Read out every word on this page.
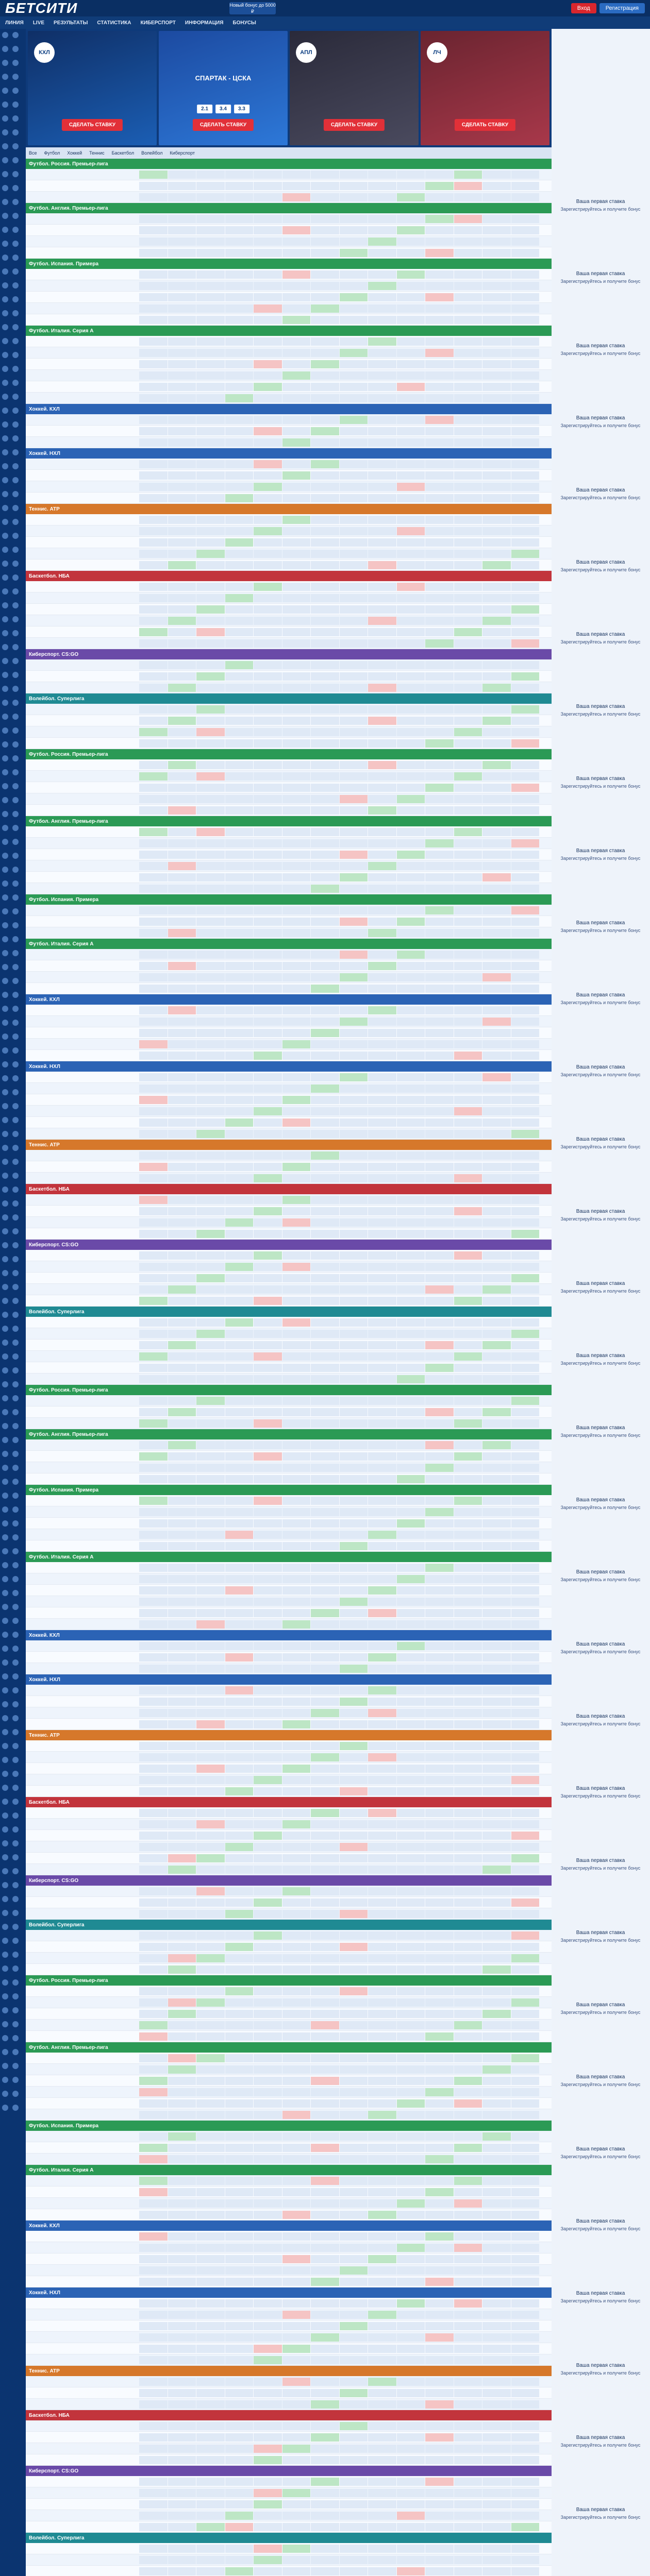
БЕТСИТИ	Вход	Регистрация
Новый бонус до 5000 ₽
ЛИНИЯ LIVE РЕЗУЛЬТАТЫ СТАТИСТИКА КИБЕРСПОРТ ИНФОРМАЦИЯ БОНУСЫ
КХЛ
СДЕЛАТЬ СТАВКУ
СПАРТАК - ЦСКА
2.1	3.4	3.3
СДЕЛАТЬ СТАВКУ
АПЛ
СДЕЛАТЬ СТАВКУ
ЛЧ
СДЕЛАТЬ СТАВКУ
Все Футбол Хоккей Теннис Баскетбол Волейбол Киберспорт
Футбол. Россия. Премьер-лига
Футбол. Англия. Премьер-лига
Футбол. Испания. Примера
Футбол. Италия. Серия А
Хоккей. КХЛ
Хоккей. НХЛ
Теннис. ATP
Баскетбол. НБА
Киберспорт. CS:GO
Волейбол. Суперлига
Футбол. Россия. Премьер-лига
Футбол. Англия. Премьер-лига
Футбол. Испания. Примера
Футбол. Италия. Серия А
Хоккей. КХЛ
Хоккей. НХЛ
Теннис. ATP
Баскетбол. НБА
Киберспорт. CS:GO
Волейбол. Суперлига
Футбол. Россия. Премьер-лига
Футбол. Англия. Премьер-лига
Футбол. Испания. Примера
Футбол. Италия. Серия А
Хоккей. КХЛ
Хоккей. НХЛ
Теннис. ATP
Баскетбол. НБА
Киберспорт. CS:GO
Волейбол. Суперлига
Футбол. Россия. Премьер-лига
Футбол. Англия. Премьер-лига
Футбол. Испания. Примера
Футбол. Италия. Серия А
Хоккей. КХЛ
Хоккей. НХЛ
Теннис. ATP
Баскетбол. НБА
Киберспорт. CS:GO
Волейбол. Суперлига
Ваша первая ставка
Зарегистрируйтесь и получите бонус
Ваша первая ставка
Зарегистрируйтесь и получите бонус
Ваша первая ставка
Зарегистрируйтесь и получите бонус
Ваша первая ставка
Зарегистрируйтесь и получите бонус
Ваша первая ставка
Зарегистрируйтесь и получите бонус
Ваша первая ставка
Зарегистрируйтесь и получите бонус
Ваша первая ставка
Зарегистрируйтесь и получите бонус
Ваша первая ставка
Зарегистрируйтесь и получите бонус
Ваша первая ставка
Зарегистрируйтесь и получите бонус
Ваша первая ставка
Зарегистрируйтесь и получите бонус
Ваша первая ставка
Зарегистрируйтесь и получите бонус
Ваша первая ставка
Зарегистрируйтесь и получите бонус
Ваша первая ставка
Зарегистрируйтесь и получите бонус
Ваша первая ставка
Зарегистрируйтесь и получите бонус
Ваша первая ставка
Зарегистрируйтесь и получите бонус
Ваша первая ставка
Зарегистрируйтесь и получите бонус
Ваша первая ставка
Зарегистрируйтесь и получите бонус
Ваша первая ставка
Зарегистрируйтесь и получите бонус
Ваша первая ставка
Зарегистрируйтесь и получите бонус
Ваша первая ставка
Зарегистрируйтесь и получите бонус
Ваша первая ставка
Зарегистрируйтесь и получите бонус
Ваша первая ставка
Зарегистрируйтесь и получите бонус
Ваша первая ставка
Зарегистрируйтесь и получите бонус
Ваша первая ставка
Зарегистрируйтесь и получите бонус
Ваша первая ставка
Зарегистрируйтесь и получите бонус
Ваша первая ставка
Зарегистрируйтесь и получите бонус
Ваша первая ставка
Зарегистрируйтесь и получите бонус
Ваша первая ставка
Зарегистрируйтесь и получите бонус
Ваша первая ставка
Зарегистрируйтесь и получите бонус
Ваша первая ставка
Зарегистрируйтесь и получите бонус
Ваша первая ставка
Зарегистрируйтесь и получите бонус
Ваша первая ставка
Зарегистрируйтесь и получите бонус
Ваша первая ставка
Зарегистрируйтесь и получите бонус
